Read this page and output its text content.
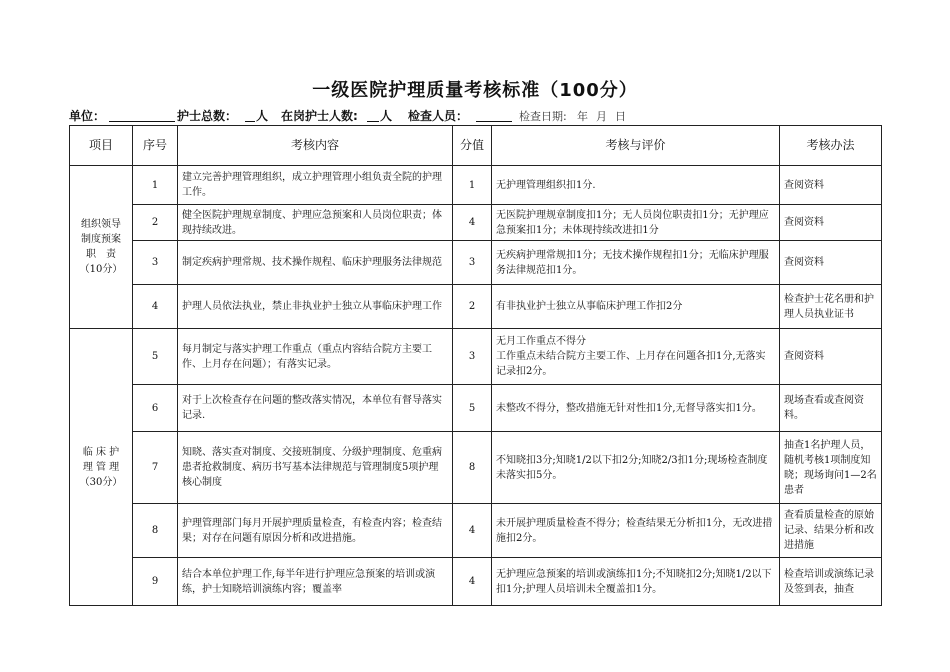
一级医院护理质量考核标准（100分）
单位：	护士总数： 人 在岗护士人数: 人 检查人员：	检查日期: 年 月 日
项目	序号	考核内容	分值	考核与评价	考核办法
组织领导
制度预案
职　责
（10分）	1	建立完善护理管理组织，成立护理管理小组负责全院的护理工作。	1	无护理管理组织扣1分.	查阅资料
	2	健全医院护理规章制度、护理应急预案和人员岗位职责；体现持续改进。	4	无医院护理规章制度扣1分；无人员岗位职责扣1分；无护理应急预案扣1分；未体现持续改进扣1分	查阅资料
	3	制定疾病护理常规、技术操作规程、临床护理服务法律规范	3	无疾病护理常规扣1分；无技术操作规程扣1分；无临床护理服务法律规范扣1分。	查阅资料
	4	护理人员依法执业，禁止非执业护士独立从事临床护理工作	2	有非执业护士独立从事临床护理工作扣2分	检查护士花名册和护理人员执业证书
临 床 护
理 管 理
（30分）	5	每月制定与落实护理工作重点（重点内容结合院方主要工作、上月存在问题）；有落实记录。	3	无月工作重点不得分
工作重点未结合院方主要工作、上月存在问题各扣1分,无落实记录扣2分。	查阅资料
	6	对于上次检查存在问题的整改落实情况，本单位有督导落实记录.	5	未整改不得分，整改措施无针对性扣1分,无督导落实扣1分。	现场查看或查阅资料。
	7	知晓、落实查对制度、交接班制度、分级护理制度、危重病患者抢救制度、病历书写基本法律规范与管理制度5项护理核心制度	8	不知晓扣3分;知晓1/2以下扣2分;知晓2/3扣1分;现场检查制度未落实扣5分。	抽查1名护理人员，随机考核1项制度知晓；现场询问1—2名患者
	8	护理管理部门每月开展护理质量检查，有检查内容；检查结果；对存在问题有原因分析和改进措施。	4	未开展护理质量检查不得分；检查结果无分析扣1分，无改进措施扣2分。	查看质量检查的原始记录、结果分析和改进措施
	9	结合本单位护理工作,每半年进行护理应急预案的培训或演练，护士知晓培训演练内容；覆盖率	4	无护理应急预案的培训或演练扣1分;不知晓扣2分;知晓1/2以下扣1分;护理人员培训未全覆盖扣1分。	检查培训或演练记录及签到表，抽查
